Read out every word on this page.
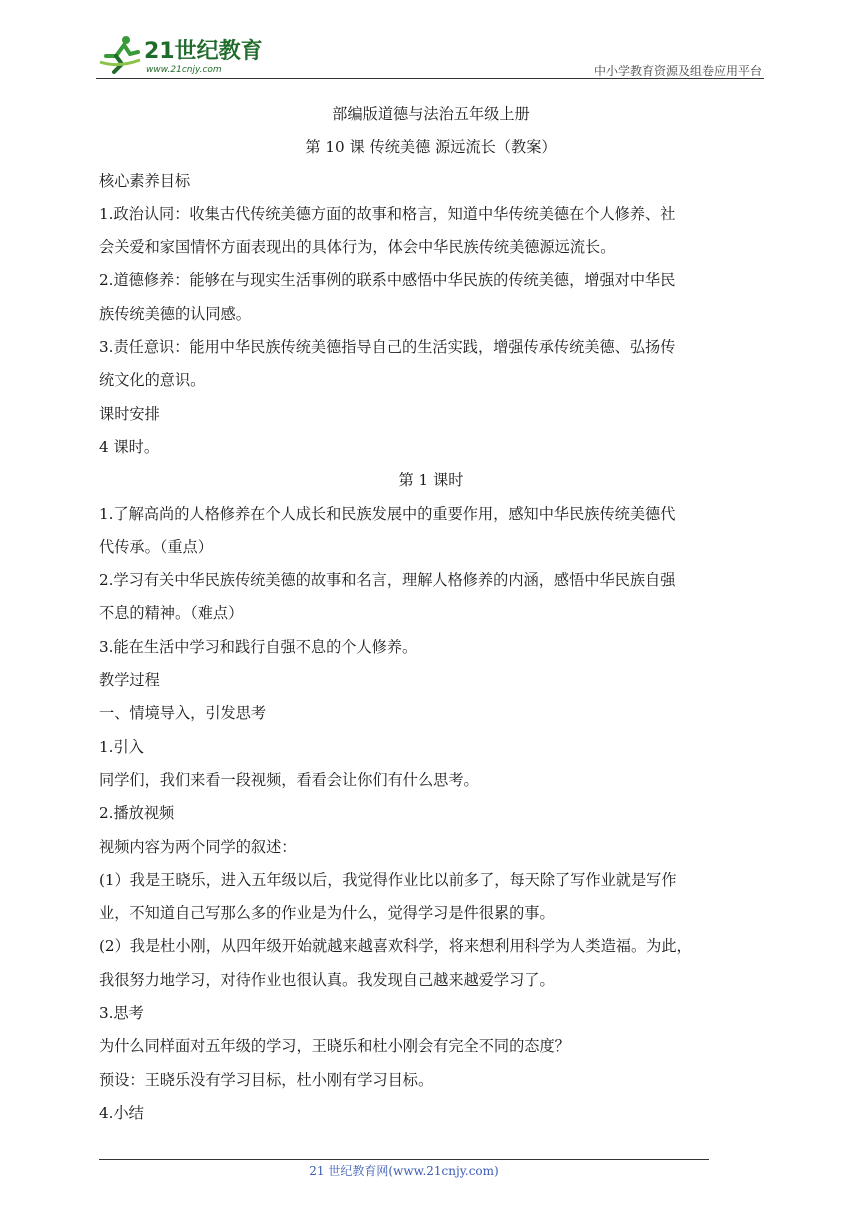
21世纪教育
www.21cnjy.com	中小学教育资源及组卷应用平台

部编版道德与法治五年级上册

第 10 课 传统美德 源远流长（教案）

核心素养目标

1.政治认同：收集古代传统美德方面的故事和格言，知道中华传统美德在个人修养、社

会关爱和家国情怀方面表现出的具体行为，体会中华民族传统美德源远流长。

2.道德修养：能够在与现实生活事例的联系中感悟中华民族的传统美德，增强对中华民

族传统美德的认同感。

3.责任意识：能用中华民族传统美德指导自己的生活实践，增强传承传统美德、弘扬传

统文化的意识。

课时安排

4 课时。

第 1 课时

1.了解高尚的人格修养在个人成长和民族发展中的重要作用，感知中华民族传统美德代

代传承。（重点）

2.学习有关中华民族传统美德的故事和名言，理解人格修养的内涵，感悟中华民族自强

不息的精神。（难点）

3.能在生活中学习和践行自强不息的个人修养。

教学过程

一、情境导入，引发思考

1.引入

同学们，我们来看一段视频，看看会让你们有什么思考。

2.播放视频

视频内容为两个同学的叙述：

(1）我是王晓乐，进入五年级以后，我觉得作业比以前多了，每天除了写作业就是写作

业，不知道自己写那么多的作业是为什么，觉得学习是件很累的事。

(2）我是杜小刚，从四年级开始就越来越喜欢科学，将来想利用科学为人类造福。为此，

我很努力地学习，对待作业也很认真。我发现自己越来越爱学习了。

3.思考

为什么同样面对五年级的学习，王晓乐和杜小刚会有完全不同的态度？

预设：王晓乐没有学习目标，杜小刚有学习目标。

4.小结

21 世纪教育网(www.21cnjy.com)
